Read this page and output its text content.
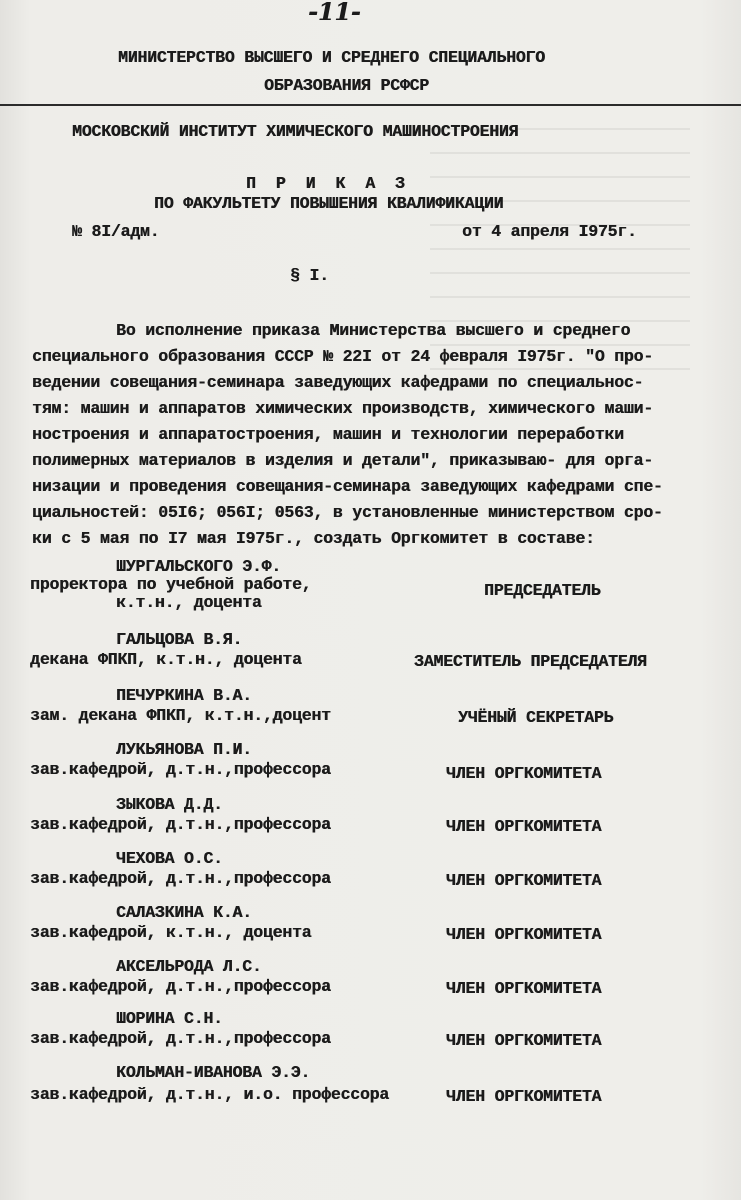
-11-
МИНИСТЕРСТВО ВЫСШЕГО И СРЕДНЕГО СПЕЦИАЛЬНОГО
ОБРАЗОВАНИЯ РСФСР
МОСКОВСКИЙ ИНСТИТУТ ХИМИЧЕСКОГО МАШИНОСТРОЕНИЯ
П Р И К А З
ПО ФАКУЛЬТЕТУ ПОВЫШЕНИЯ КВАЛИФИКАЦИИ
№ 8I/адм.	от 4 апреля I975г.
§ I.
Во исполнение приказа Министерства высшего и среднего
специального образования СССР № 22I от 24 февраля I975г. "О про-
ведении совещания-семинара заведующих кафедрами по специальнос-
тям: машин и аппаратов химических производств, химического маши-
ностроения и аппаратостроения, машин и технологии переработки
полимерных материалов в изделия и детали", приказываю- для орга-
низации и проведения совещания-семинара заведующих кафедрами спе-
циальностей: 05I6; 056I; 0563, в установленные министерством сро-
ки с 5 мая по I7 мая I975г., создать Оргкомитет в составе:
ШУРГАЛЬСКОГО Э.Ф.
проректора по учебной работе,
к.т.н., доцента
ПРЕДСЕДАТЕЛЬ
ГАЛЬЦОВА В.Я.
декана ФПКП, к.т.н., доцента	ЗАМЕСТИТЕЛЬ ПРЕДСЕДАТЕЛЯ
ПЕЧУРКИНА В.А.
зам. декана ФПКП, к.т.н.,доцент	УЧЁНЫЙ СЕКРЕТАРЬ
ЛУКЬЯНОВА П.И.
зав.кафедрой, д.т.н.,профессора	ЧЛЕН ОРГКОМИТЕТА
ЗЫКОВА Д.Д.
зав.кафедрой, д.т.н.,профессора	ЧЛЕН ОРГКОМИТЕТА
ЧЕХОВА О.С.
зав.кафедрой, д.т.н.,профессора	ЧЛЕН ОРГКОМИТЕТА
САЛАЗКИНА К.А.
зав.кафедрой, к.т.н., доцента	ЧЛЕН ОРГКОМИТЕТА
АКСЕЛЬРОДА Л.С.
зав.кафедрой, д.т.н.,профессора	ЧЛЕН ОРГКОМИТЕТА
ШОРИНА С.Н.
зав.кафедрой, д.т.н.,профессора	ЧЛЕН ОРГКОМИТЕТА
КОЛЬМАН-ИВАНОВА Э.Э.
зав.кафедрой, д.т.н., и.о. профессора	ЧЛЕН ОРГКОМИТЕТА
